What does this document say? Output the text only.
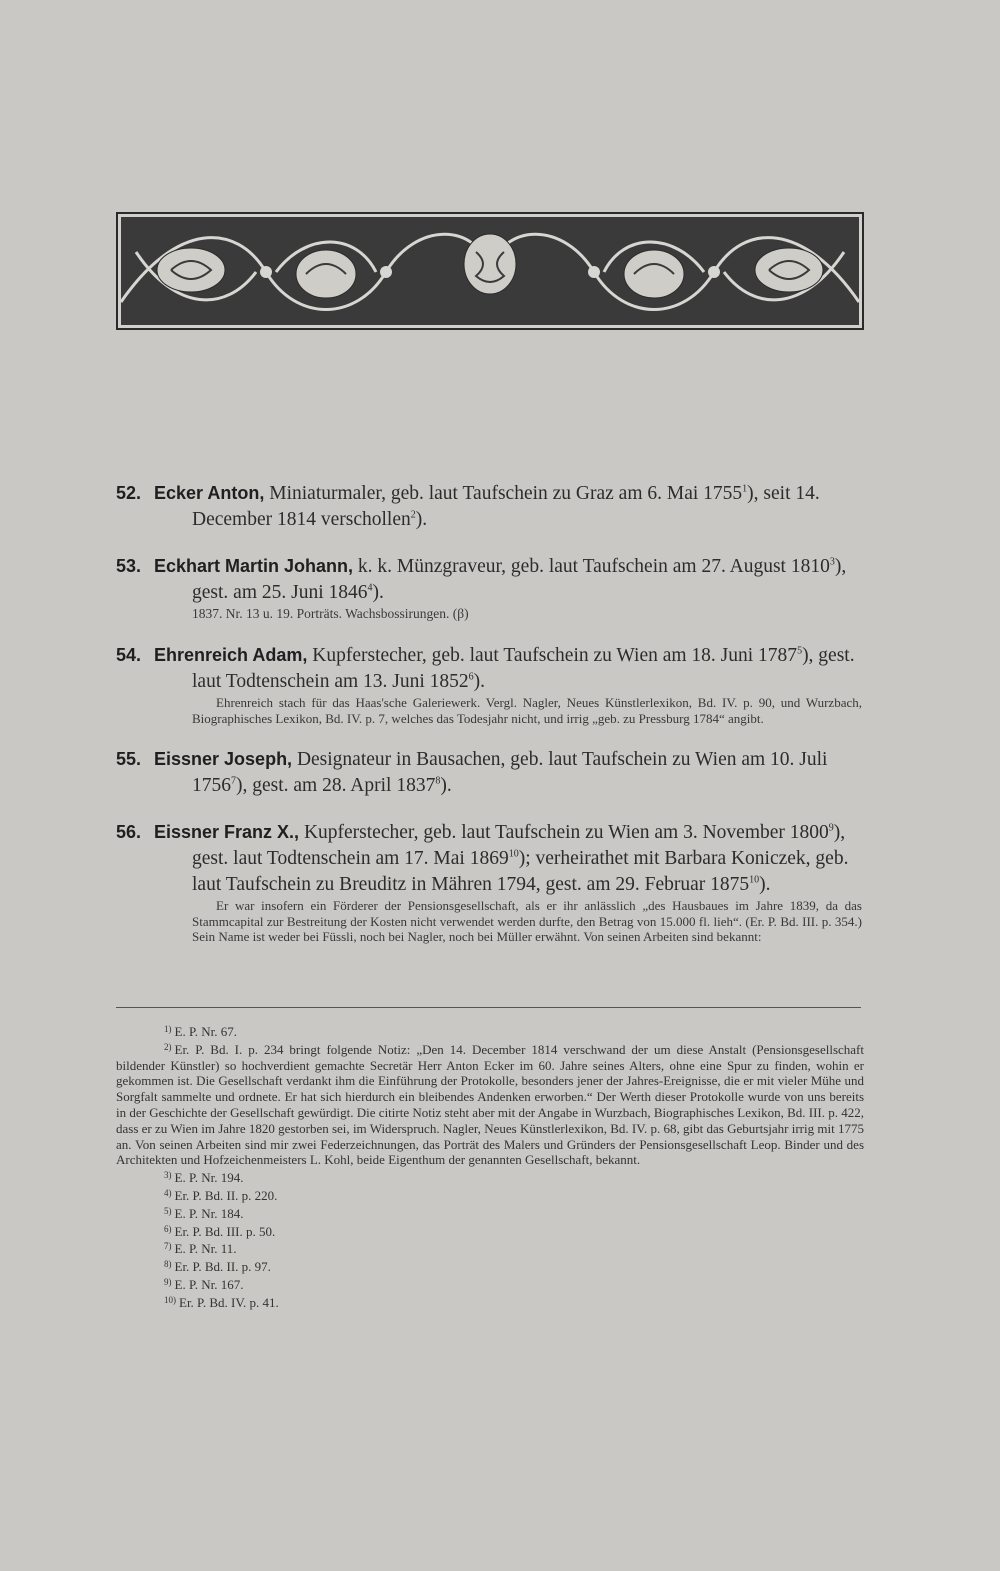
52. Ecker Anton, Miniaturmaler, geb. laut Taufschein zu Graz am 6. Mai 1755$^1$), seit 14. December 1814 verschollen$^2$).
53. Eckhart Martin Johann, k. k. Münzgraveur, geb. laut Taufschein am 27. August 1810$^3$), gest. am 25. Juni 1846$^4$).
1837. Nr. 13 u. 19. Porträts. Wachsbossirungen. (β)
54. Ehrenreich Adam, Kupferstecher, geb. laut Taufschein zu Wien am 18. Juni 1787$^5$), gest. laut Todtenschein am 13. Juni 1852$^6$).
Ehrenreich stach für das Haas'sche Galeriewerk. Vergl. Nagler, Neues Künstlerlexikon, Bd. IV. p. 90, und Wurzbach, Biographisches Lexikon, Bd. IV. p. 7, welches das Todesjahr nicht, und irrig „geb. zu Pressburg 1784“ angibt.
55. Eissner Joseph, Designateur in Bausachen, geb. laut Taufschein zu Wien am 10. Juli 1756$^7$), gest. am 28. April 1837$^8$).
56. Eissner Franz X., Kupferstecher, geb. laut Taufschein zu Wien am 3. November 1800$^9$), gest. laut Todtenschein am 17. Mai 1869$^{10}$); verheirathet mit Barbara Koniczek, geb. laut Taufschein zu Breuditz in Mähren 1794, gest. am 29. Februar 1875$^{10}$).
Er war insofern ein Förderer der Pensionsgesellschaft, als er ihr anlässlich „des Hausbaues im Jahre 1839, da das Stammcapital zur Bestreitung der Kosten nicht verwendet werden durfte, den Betrag von 15.000 fl. lieh“. (Er. P. Bd. III. p. 354.) Sein Name ist weder bei Füssli, noch bei Nagler, noch bei Müller erwähnt. Von seinen Arbeiten sind bekannt:
$^{1)}$ E. P. Nr. 67.
$^{2)}$ Er. P. Bd. I. p. 234 bringt folgende Notiz: „Den 14. December 1814 verschwand der um diese Anstalt (Pensionsgesellschaft bildender Künstler) so hochverdient gemachte Secretär Herr Anton Ecker im 60. Jahre seines Alters, ohne eine Spur zu finden, wohin er gekommen ist. Die Gesellschaft verdankt ihm die Einführung der Protokolle, besonders jener der Jahres-Ereignisse, die er mit vieler Mühe und Sorgfalt sammelte und ordnete. Er hat sich hierdurch ein bleibendes Andenken erworben.“ Der Werth dieser Protokolle wurde von uns bereits in der Geschichte der Gesellschaft gewürdigt. Die citirte Notiz steht aber mit der Angabe in Wurzbach, Biographisches Lexikon, Bd. III. p. 422, dass er zu Wien im Jahre 1820 gestorben sei, im Widerspruch. Nagler, Neues Künstlerlexikon, Bd. IV. p. 68, gibt das Geburtsjahr irrig mit 1775 an. Von seinen Arbeiten sind mir zwei Federzeichnungen, das Porträt des Malers und Gründers der Pensionsgesellschaft Leop. Binder und des Architekten und Hofzeichenmeisters L. Kohl, beide Eigenthum der genannten Gesellschaft, bekannt.
$^{3)}$ E. P. Nr. 194.
$^{4)}$ Er. P. Bd. II. p. 220.
$^{5)}$ E. P. Nr. 184.
$^{6)}$ Er. P. Bd. III. p. 50.
$^{7)}$ E. P. Nr. 11.
$^{8)}$ Er. P. Bd. II. p. 97.
$^{9)}$ E. P. Nr. 167.
$^{10)}$ Er. P. Bd. IV. p. 41.
